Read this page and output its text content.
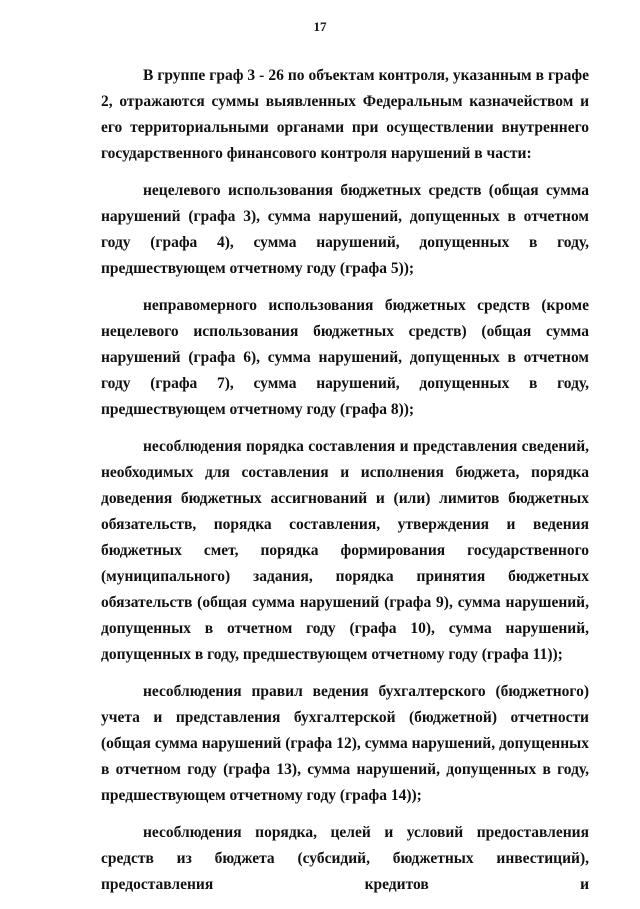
17

В группе граф 3 - 26 по объектам контроля, указанным в графе 2, отражаются суммы выявленных Федеральным казначейством и его территориальными органами при осуществлении внутреннего государственного финансового контроля нарушений в части:

нецелевого использования бюджетных средств (общая сумма нарушений (графа 3), сумма нарушений, допущенных в отчетном году (графа 4), сумма нарушений, допущенных в году, предшествующем отчетному году (графа 5));

неправомерного использования бюджетных средств (кроме нецелевого использования бюджетных средств) (общая сумма нарушений (графа 6), сумма нарушений, допущенных в отчетном году (графа 7), сумма нарушений, допущенных в году, предшествующем отчетному году (графа 8));

несоблюдения порядка составления и представления сведений, необходимых для составления и исполнения бюджета, порядка доведения бюджетных ассигнований и (или) лимитов бюджетных обязательств, порядка составления, утверждения и ведения бюджетных смет, порядка формирования государственного (муниципального) задания, порядка принятия бюджетных обязательств (общая сумма нарушений (графа 9), сумма нарушений, допущенных в отчетном году (графа 10), сумма нарушений, допущенных в году, предшествующем отчетному году (графа 11));

несоблюдения правил ведения бухгалтерского (бюджетного) учета и представления бухгалтерской (бюджетной) отчетности (общая сумма нарушений (графа 12), сумма нарушений, допущенных в отчетном году (графа 13), сумма нарушений, допущенных в году, предшествующем отчетному году (графа 14));

несоблюдения порядка, целей и условий предоставления средств из бюджета (субсидий, бюджетных инвестиций), предоставления кредитов и
